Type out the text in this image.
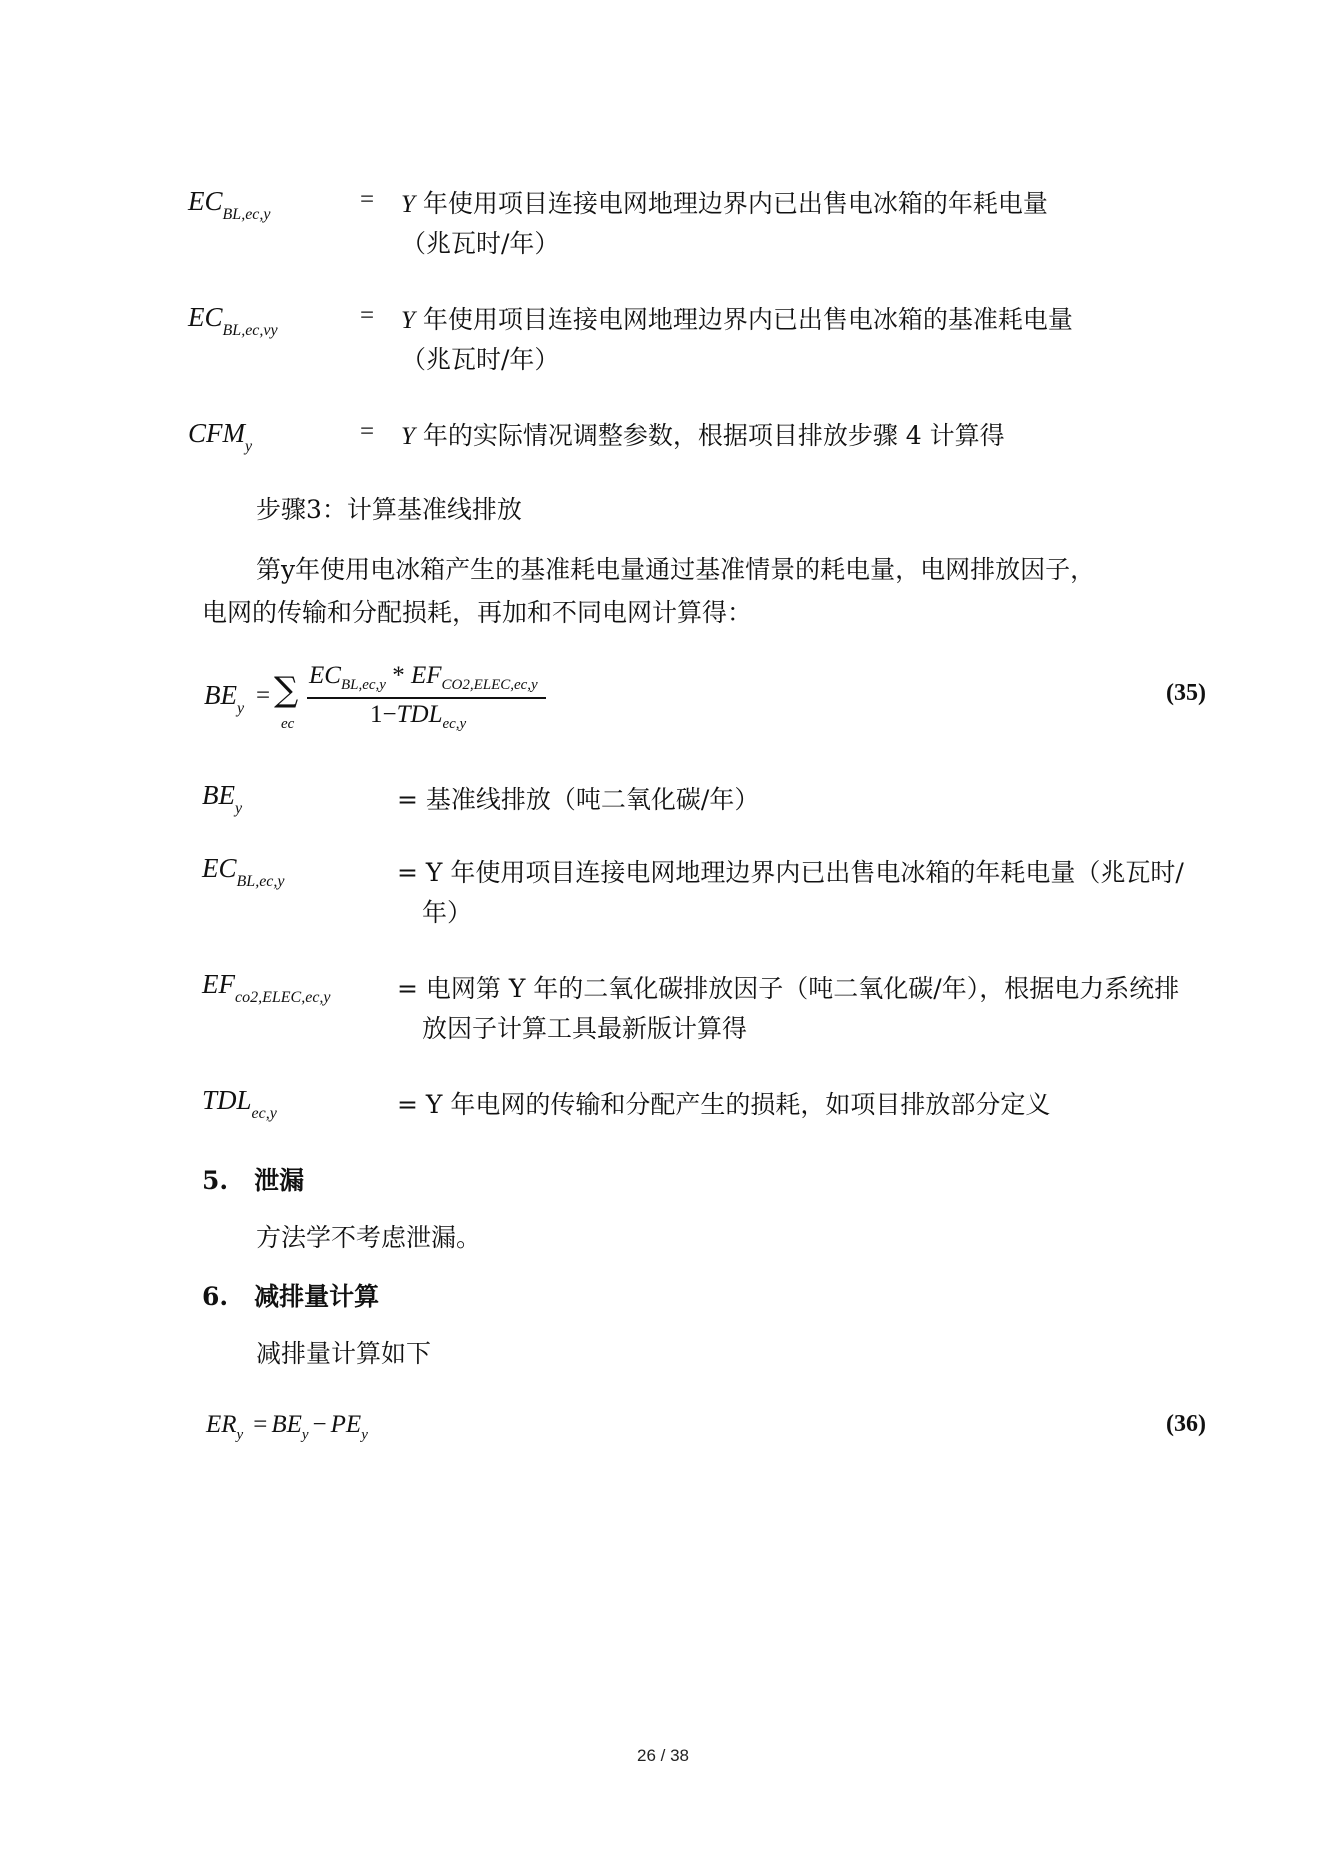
$EC_{BL,ec,y}$
= Y 年使用项目连接电网地理边界内已出售电冰箱的年耗电量
（兆瓦时/年）
$EC_{BL,ec,vy}$
= Y 年使用项目连接电网地理边界内已出售电冰箱的基准耗电量
（兆瓦时/年）
$CFM_y$
= Y 年的实际情况调整参数，根据项目排放步骤 4 计算得
步骤3：计算基准线排放
第y年使用电冰箱产生的基准耗电量通过基准情景的耗电量，电网排放因子，
电网的传输和分配损耗，再加和不同电网计算得：
$BE_y$ = ∑
ec
$EC_{BL,ec,y} * EF_{CO2,ELEC,ec,y}$
$1-TDL_{ec,y}$
(35)
$BE_y$	= 基准线排放（吨二氧化碳/年）
$EC_{BL,ec,y}$	= Y 年使用项目连接电网地理边界内已出售电冰箱的年耗电量（兆瓦时/
年）
$EF_{co2,ELEC,ec,y}$	= 电网第 Y 年的二氧化碳排放因子（吨二氧化碳/年），根据电力系统排
放因子计算工具最新版计算得
$TDL_{ec,y}$	= Y 年电网的传输和分配产生的损耗，如项目排放部分定义
5. 泄漏
方法学不考虑泄漏。
6. 减排量计算
减排量计算如下
$ER_y = BE_y - PE_y$	(36)
26 / 38
